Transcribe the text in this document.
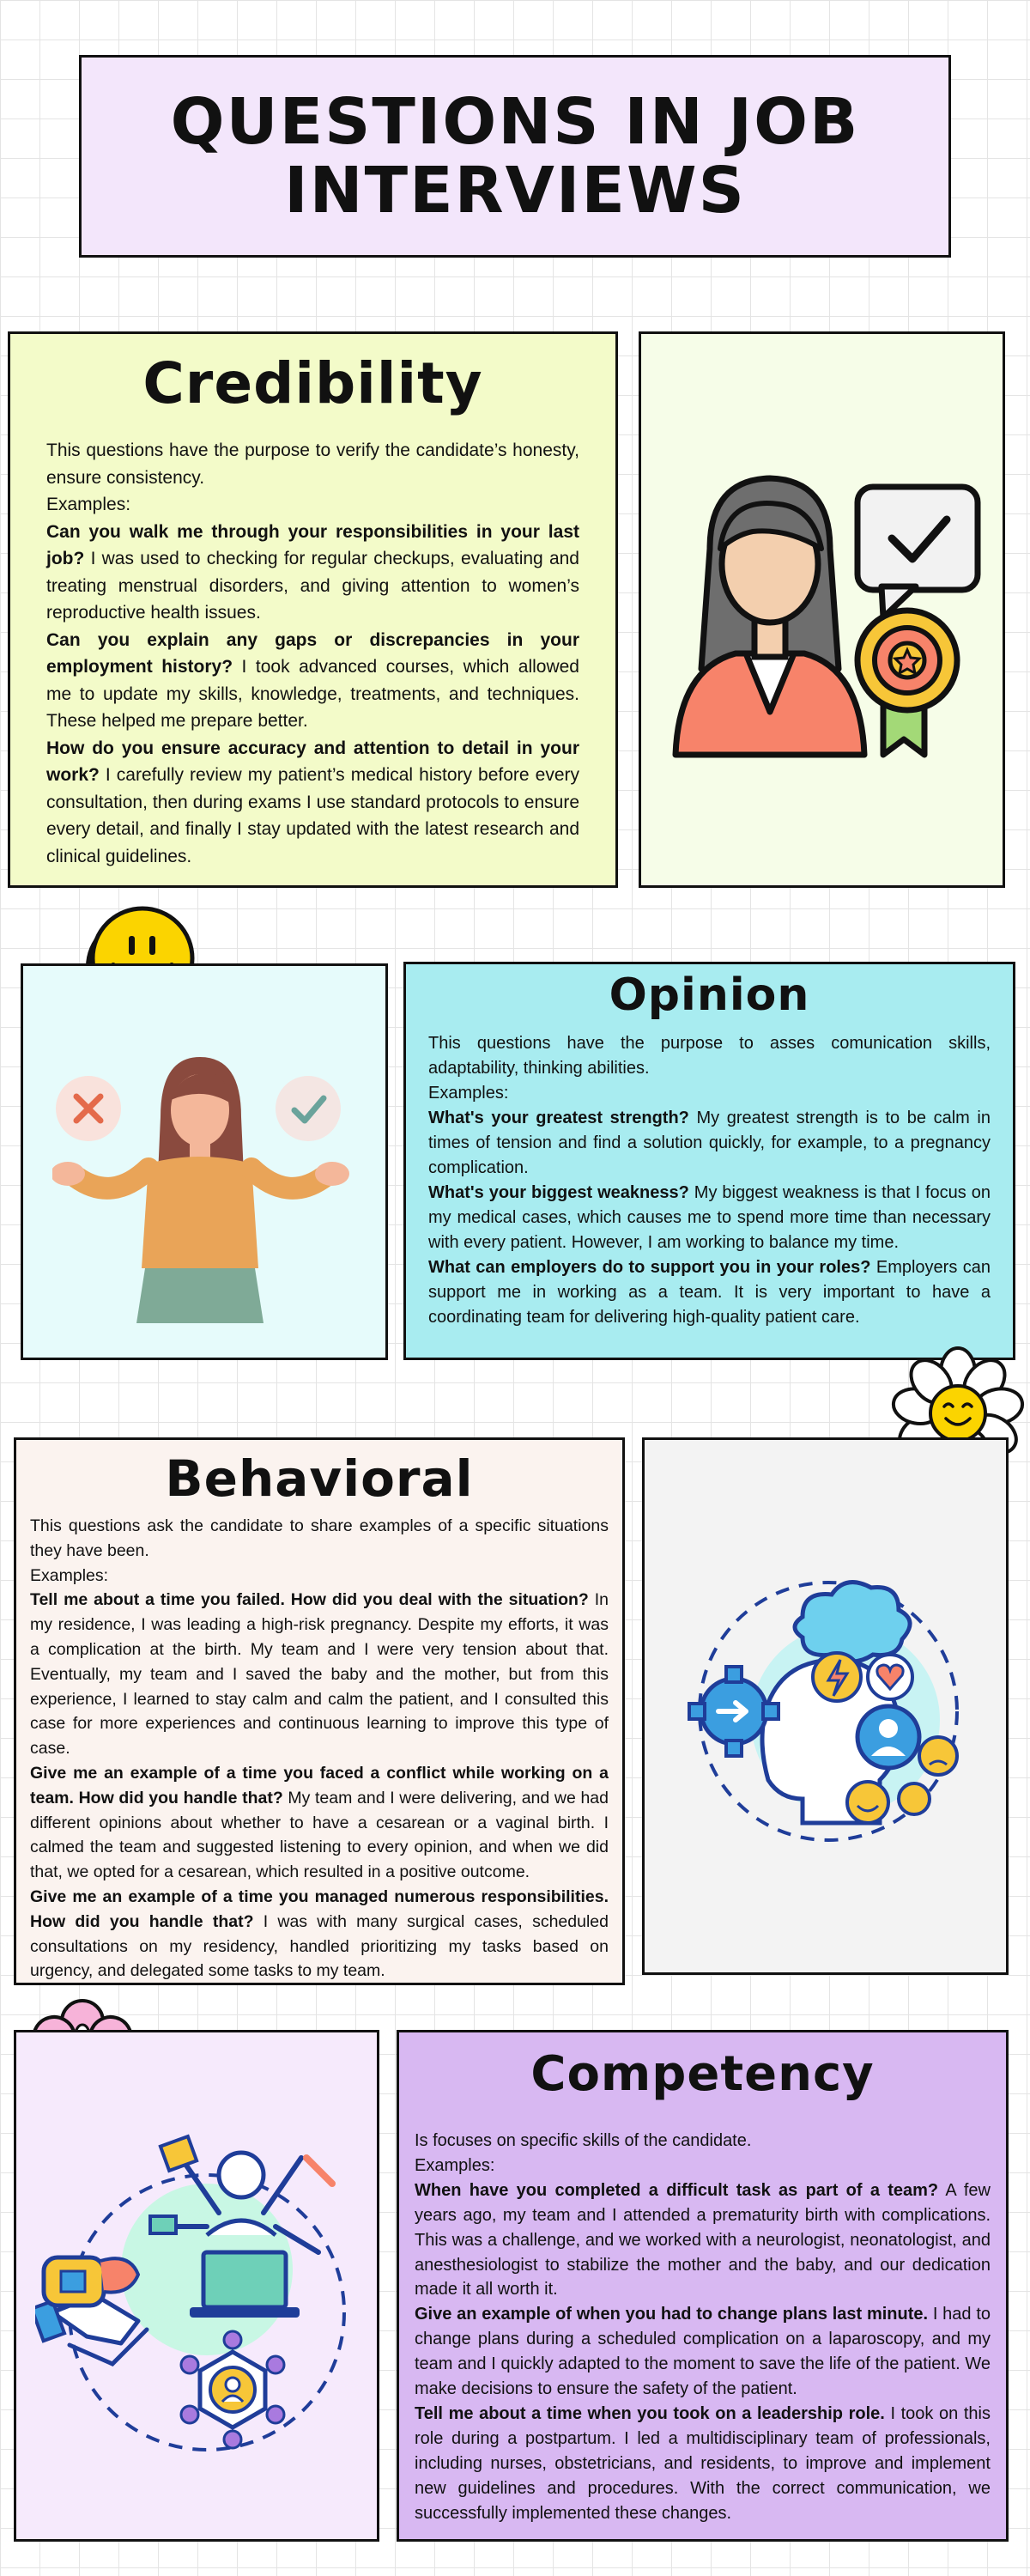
QUESTIONS IN JOB INTERVIEWS
Credibility

This questions have the purpose to verify the candidate’s honesty, ensure consistency.

Examples:

Can you walk me through your responsibilities in your last job? I was used to checking for regular checkups, evaluating and treating menstrual disorders, and giving attention to women’s reproductive health issues.

Can you explain any gaps or discrepancies in your employment history? I took advanced courses, which allowed me to update my skills, knowledge, treatments, and techniques. These helped me prepare better.

How do you ensure accuracy and attention to detail in your work? I carefully review my patient’s medical history before every consultation, then during exams I use standard protocols to ensure every detail, and finally I stay updated with the latest research and clinical guidelines.

Opinion

This questions have the purpose to asses comunication skills, adaptability, thinking abilities.

Examples:

What's your greatest strength? My greatest strength is to be calm in times of tension and find a solution quickly, for example, to a pregnancy complication.

What's your biggest weakness? My biggest weakness is that I focus on my medical cases, which causes me to spend more time than necessary with every patient. However, I am working to balance my time.

What can employers do to support you in your roles? Employers can support me in working as a team. It is very important to have a coordinating team for delivering high-quality patient care.

Behavioral

This questions ask the candidate to share examples of a specific situations they have been.

Examples:

Tell me about a time you failed. How did you deal with the situation? In my residence, I was leading a high-risk pregnancy. Despite my efforts, it was a complication at the birth. My team and I were very tension about that. Eventually, my team and I saved the baby and the mother, but from this experience, I learned to stay calm and calm the patient, and I consulted this case for more experiences and continuous learning to improve this type of case.

Give me an example of a time you faced a conflict while working on a team. How did you handle that? My team and I were delivering, and we had different opinions about whether to have a cesarean or a vaginal birth. I calmed the team and suggested listening to every opinion, and when we did that, we opted for a cesarean, which resulted in a positive outcome.

Give me an example of a time you managed numerous responsibilities. How did you handle that? I was with many surgical cases, scheduled consultations on my residency, handled prioritizing my tasks based on urgency, and delegated some tasks to my team.

Competency

Is focuses on specific skills of the candidate.

Examples:

When have you completed a difficult task as part of a team? A few years ago, my team and I attended a prematurity birth with complications. This was a challenge, and we worked with a neurologist, neonatologist, and anesthesiologist to stabilize the mother and the baby, and our dedication made it all worth it.

Give an example of when you had to change plans last minute. I had to change plans during a scheduled complication on a laparoscopy, and my team and I quickly adapted to the moment to save the life of the patient. We make decisions to ensure the safety of the patient.

Tell me about a time when you took on a leadership role. I took on this role during a postpartum. I led a multidisciplinary team of professionals, including nurses, obstetricians, and residents, to improve and implement new guidelines and procedures. With the correct communication, we successfully implemented these changes.
